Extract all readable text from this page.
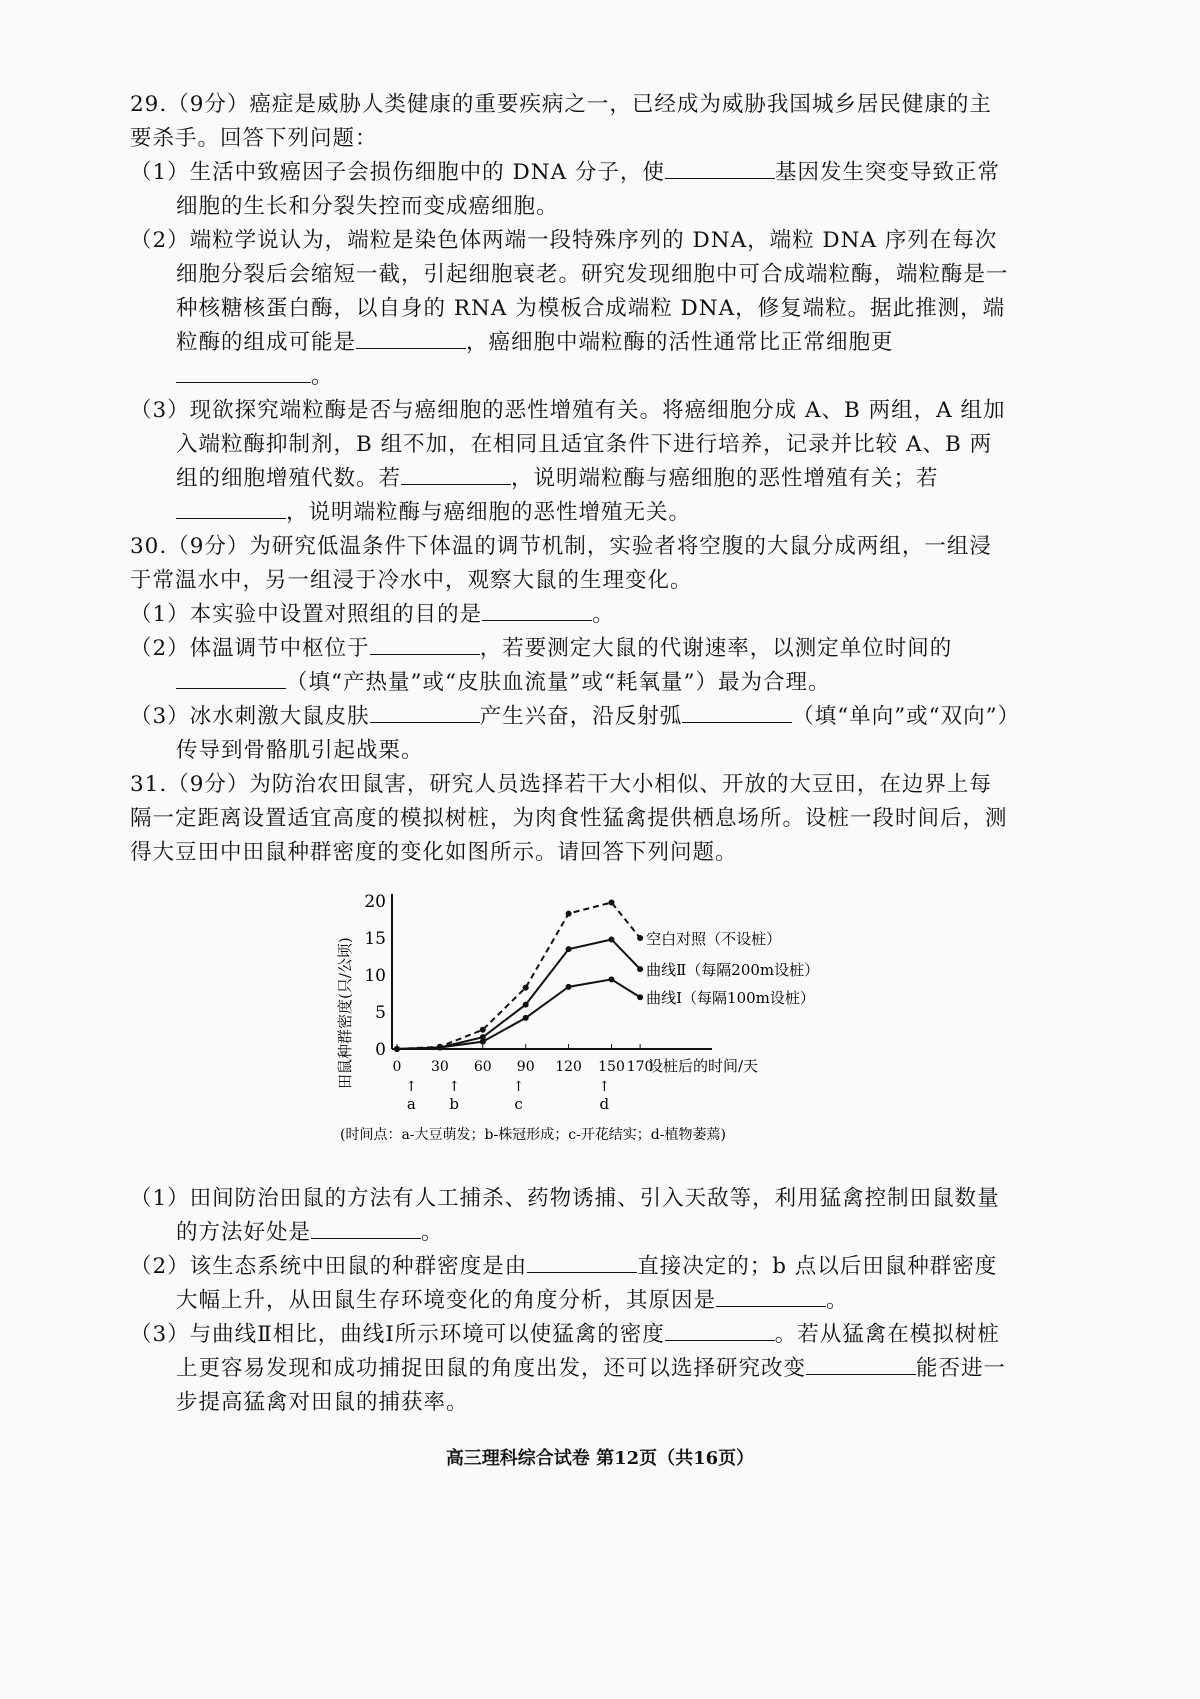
29.（9分）癌症是威胁人类健康的重要疾病之一，已经成为威胁我国城乡居民健康的主要杀手。回答下列问题：
（1）生活中致癌因子会损伤细胞中的 DNA 分子，使	基因发生突变导致正常细胞的生长和分裂失控而变成癌细胞。
（2）端粒学说认为，端粒是染色体两端一段特殊序列的 DNA，端粒 DNA 序列在每次细胞分裂后会缩短一截，引起细胞衰老。研究发现细胞中可合成端粒酶，端粒酶是一种核糖核蛋白酶，以自身的 RNA 为模板合成端粒 DNA，修复端粒。据此推测，端粒酶的组成可能是	，癌细胞中端粒酶的活性通常比正常细胞更。
（3）现欲探究端粒酶是否与癌细胞的恶性增殖有关。将癌细胞分成 A、B 两组，A 组加入端粒酶抑制剂，B 组不加，在相同且适宜条件下进行培养，记录并比较 A、B 两组的细胞增殖代数。若	，说明端粒酶与癌细胞的恶性增殖有关；若，说明端粒酶与癌细胞的恶性增殖无关。
30.（9分）为研究低温条件下体温的调节机制，实验者将空腹的大鼠分成两组，一组浸于常温水中，另一组浸于冷水中，观察大鼠的生理变化。
（1）本实验中设置对照组的目的是	。
（2）体温调节中枢位于	，若要测定大鼠的代谢速率，以测定单位时间的（填“产热量”或“皮肤血流量”或“耗氧量”）最为合理。
（3）冰水刺激大鼠皮肤	产生兴奋，沿反射弧	（填“单向”或“双向”）传导到骨骼肌引起战栗。
31.（9分）为防治农田鼠害，研究人员选择若干大小相似、开放的大豆田，在边界上每隔一定距离设置适宜高度的模拟树桩，为肉食性猛禽提供栖息场所。设桩一段时间后，测得大豆田中田鼠种群密度的变化如图所示。请回答下列问题。
0
5
10
15
20
0 30 60 90 120 150 170
设桩后的时间/天
田鼠种群密度(只/公顷)	↑
a
↑
b
↑
c
↑
d
空白对照（不设桩）
曲线Ⅱ（每隔200m设桩）
曲线Ⅰ（每隔100m设桩）
(时间点：a-大豆萌发；b-株冠形成；c-开花结实；d-植物萎蔫)
（1）田间防治田鼠的方法有人工捕杀、药物诱捕、引入天敌等，利用猛禽控制田鼠数量的方法好处是	。
（2）该生态系统中田鼠的种群密度是由	直接决定的；b 点以后田鼠种群密度大幅上升，从田鼠生存环境变化的角度分析，其原因是	。
（3）与曲线Ⅱ相比，曲线Ⅰ所示环境可以使猛禽的密度	。若从猛禽在模拟树桩上更容易发现和成功捕捉田鼠的角度出发，还可以选择研究改变	能否进一步提高猛禽对田鼠的捕获率。
高三理科综合试卷 第12页（共16页）
